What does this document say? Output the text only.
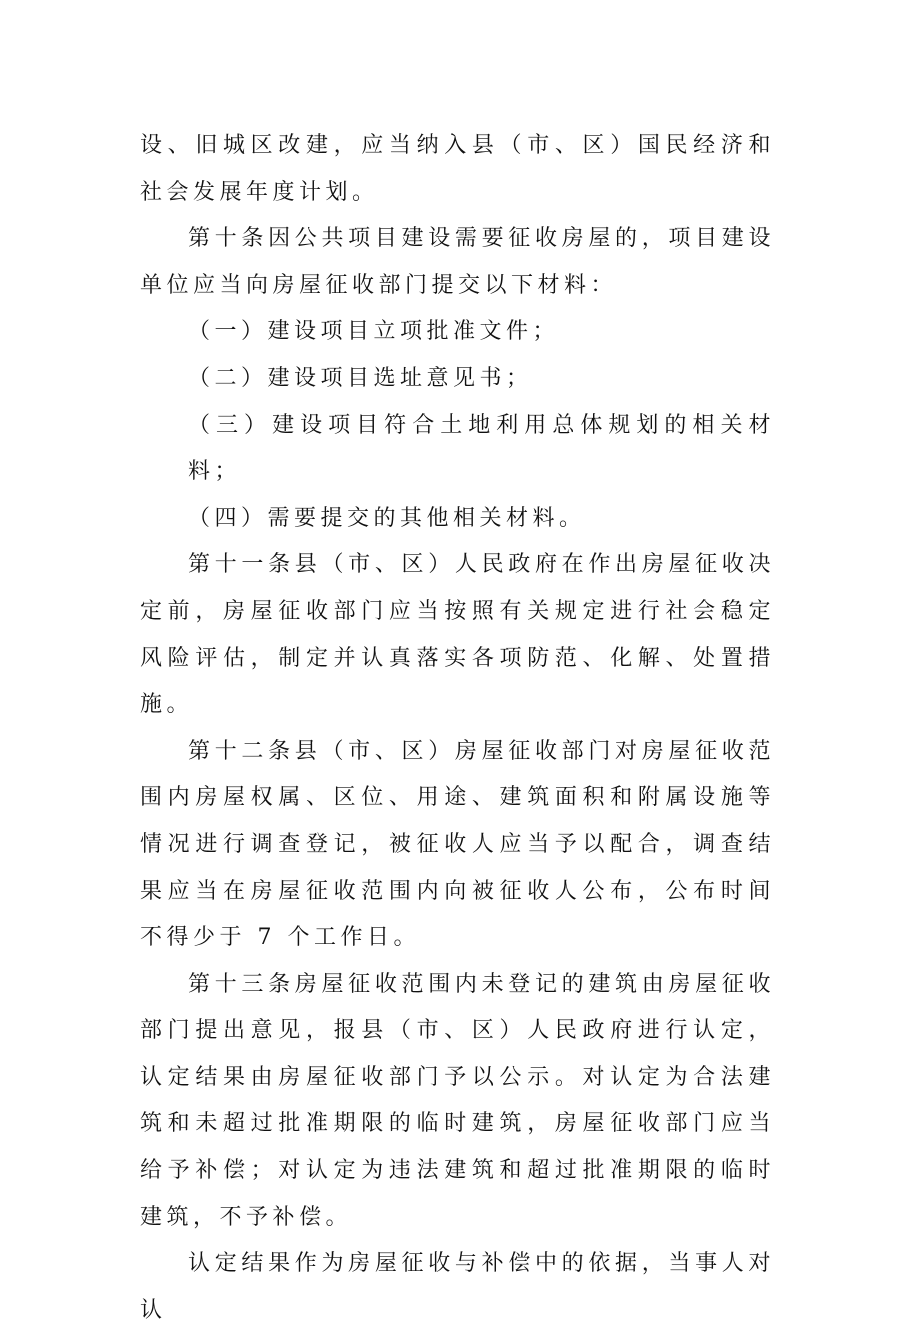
设、旧城区改建，应当纳入县（市、区）国民经济和社会发展年度计划。

第十条因公共项目建设需要征收房屋的，项目建设单位应当向房屋征收部门提交以下材料：

（一）建设项目立项批准文件；

（二）建设项目选址意见书；

（三）建设项目符合土地利用总体规划的相关材料；

（四）需要提交的其他相关材料。

第十一条县（市、区）人民政府在作出房屋征收决定前，房屋征收部门应当按照有关规定进行社会稳定风险评估，制定并认真落实各项防范、化解、处置措施。

第十二条县（市、区）房屋征收部门对房屋征收范围内房屋权属、区位、用途、建筑面积和附属设施等情况进行调查登记，被征收人应当予以配合，调查结果应当在房屋征收范围内向被征收人公布，公布时间不得少于 7 个工作日。

第十三条房屋征收范围内未登记的建筑由房屋征收部门提出意见，报县（市、区）人民政府进行认定，认定结果由房屋征收部门予以公示。对认定为合法建筑和未超过批准期限的临时建筑，房屋征收部门应当给予补偿；对认定为违法建筑和超过批准期限的临时建筑，不予补偿。

认定结果作为房屋征收与补偿中的依据，当事人对认
